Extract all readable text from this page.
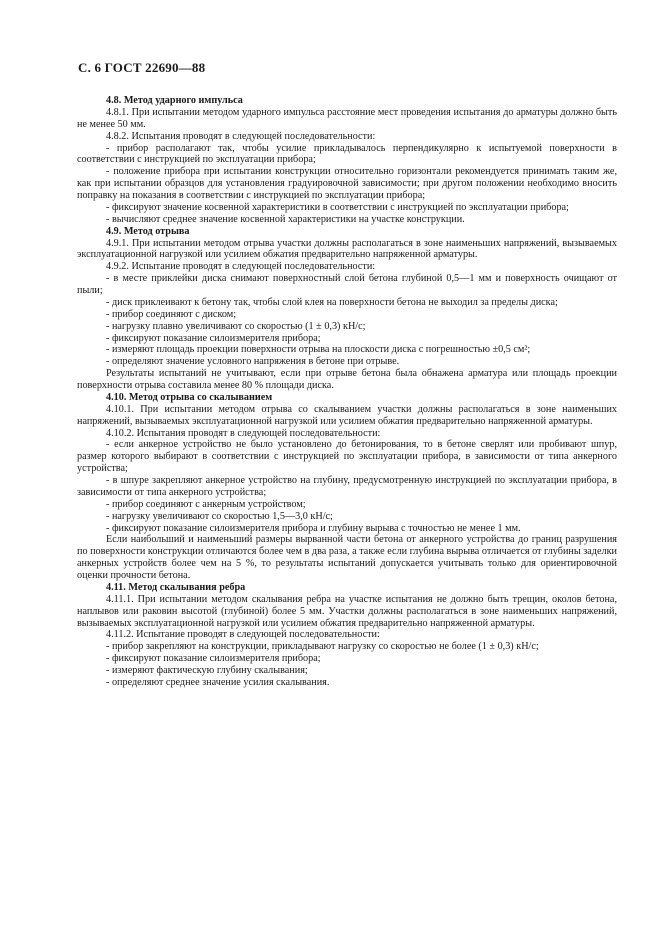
С. 6 ГОСТ 22690—88

4.8. Метод ударного импульса

4.8.1. При испытании методом ударного импульса расстояние мест проведения испытания до арматуры должно быть не менее 50 мм.

4.8.2. Испытания проводят в следующей последовательности:

- прибор располагают так, чтобы усилие прикладывалось перпендикулярно к испытуемой поверхности в соответствии с инструкцией по эксплуатации прибора;

- положение прибора при испытании конструкции относительно горизонтали рекомендуется принимать таким же, как при испытании образцов для установления градуировочной зависимости; при другом положении необходимо вносить поправку на показания в соответствии с инструкцией по эксплуатации прибора;

- фиксируют значение косвенной характеристики в соответствии с инструкцией по эксплуатации прибора;

- вычисляют среднее значение косвенной характеристики на участке конструкции.

4.9. Метод отрыва

4.9.1. При испытании методом отрыва участки должны располагаться в зоне наименьших напряжений, вызываемых эксплуатационной нагрузкой или усилием обжатия предварительно напряженной арматуры.

4.9.2. Испытание проводят в следующей последовательности:

- в месте приклейки диска снимают поверхностный слой бетона глубиной 0,5—1 мм и поверхность очищают от пыли;

- диск приклеивают к бетону так, чтобы слой клея на поверхности бетона не выходил за пределы диска;

- прибор соединяют с диском;

- нагрузку плавно увеличивают со скоростью (1 ± 0,3) кН/с;

- фиксируют показание силоизмерителя прибора;

- измеряют площадь проекции поверхности отрыва на плоскости диска с погрешностью ±0,5 см²;

- определяют значение условного напряжения в бетоне при отрыве.

Результаты испытаний не учитывают, если при отрыве бетона была обнажена арматура или площадь проекции поверхности отрыва составила менее 80 % площади диска.

4.10. Метод отрыва со скалыванием

4.10.1. При испытании методом отрыва со скалыванием участки должны располагаться в зоне наименьших напряжений, вызываемых эксплуатационной нагрузкой или усилием обжатия предварительно напряженной арматуры.

4.10.2. Испытания проводят в следующей последовательности:

- если анкерное устройство не было установлено до бетонирования, то в бетоне сверлят или пробивают шпур, размер которого выбирают в соответствии с инструкцией по эксплуатации прибора, в зависимости от типа анкерного устройства;

- в шпуре закрепляют анкерное устройство на глубину, предусмотренную инструкцией по эксплуатации прибора, в зависимости от типа анкерного устройства;

- прибор соединяют с анкерным устройством;

- нагрузку увеличивают со скоростью 1,5—3,0 кН/с;

- фиксируют показание силоизмерителя прибора и глубину вырыва с точностью не менее 1 мм.

Если наибольший и наименьший размеры вырванной части бетона от анкерного устройства до границ разрушения по поверхности конструкции отличаются более чем в два раза, а также если глубина вырыва отличается от глубины заделки анкерных устройств более чем на 5 %, то результаты испытаний допускается учитывать только для ориентировочной оценки прочности бетона.

4.11. Метод скалывания ребра

4.11.1. При испытании методом скалывания ребра на участке испытания не должно быть трещин, околов бетона, наплывов или раковин высотой (глубиной) более 5 мм. Участки должны располагаться в зоне наименьших напряжений, вызываемых эксплуатационной нагрузкой или усилием обжатия предварительно напряженной арматуры.

4.11.2. Испытание проводят в следующей последовательности:

- прибор закрепляют на конструкции, прикладывают нагрузку со скоростью не более (1 ± 0,3) кН/с;

- фиксируют показание силоизмерителя прибора;

- измеряют фактическую глубину скалывания;

- определяют среднее значение усилия скалывания.
